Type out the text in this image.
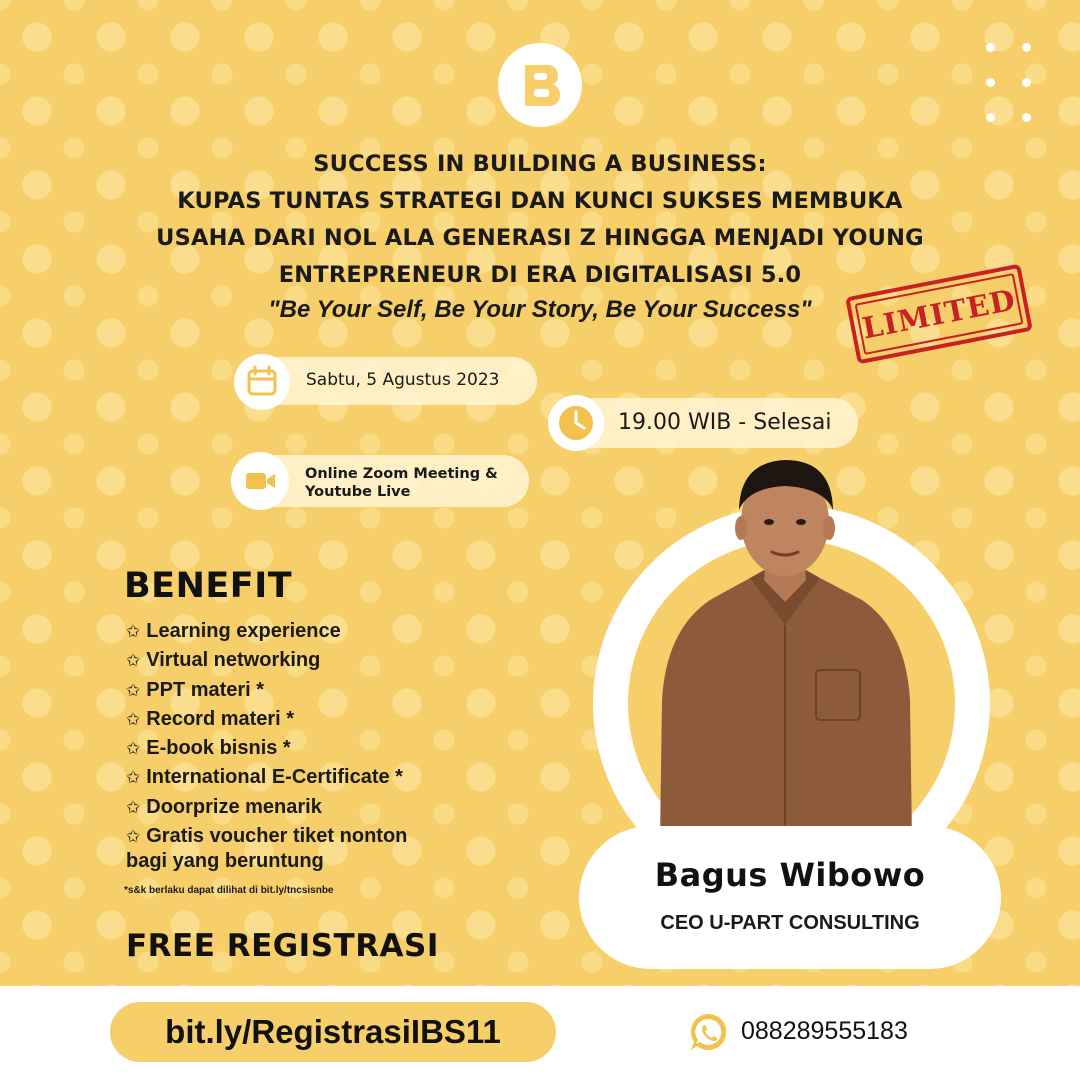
SUCCESS IN BUILDING A BUSINESS:
KUPAS TUNTAS STRATEGI DAN KUNCI SUKSES MEMBUKA
USAHA DARI NOL ALA GENERASI Z HINGGA MENJADI YOUNG
ENTREPRENEUR DI ERA DIGITALISASI 5.0
"Be Your Self, Be Your Story, Be Your Success"	LIMITED
Sabtu, 5 Agustus 2023
19.00 WIB - Selesai
Online Zoom Meeting &
Youtube Live
BENEFIT
✩ Learning experience
✩ Virtual networking
✩ PPT materi *
✩ Record materi *
✩ E-book bisnis *
✩ International E-Certificate *
✩ Doorprize menarik
✩ Gratis voucher tiket nonton
bagi yang beruntung
*s&k berlaku dapat dilihat di bit.ly/tncsisnbe
FREE REGISTRASI
Bagus Wibowo
CEO U-PART CONSULTING
bit.ly/RegistrasiIBS11	088289555183
